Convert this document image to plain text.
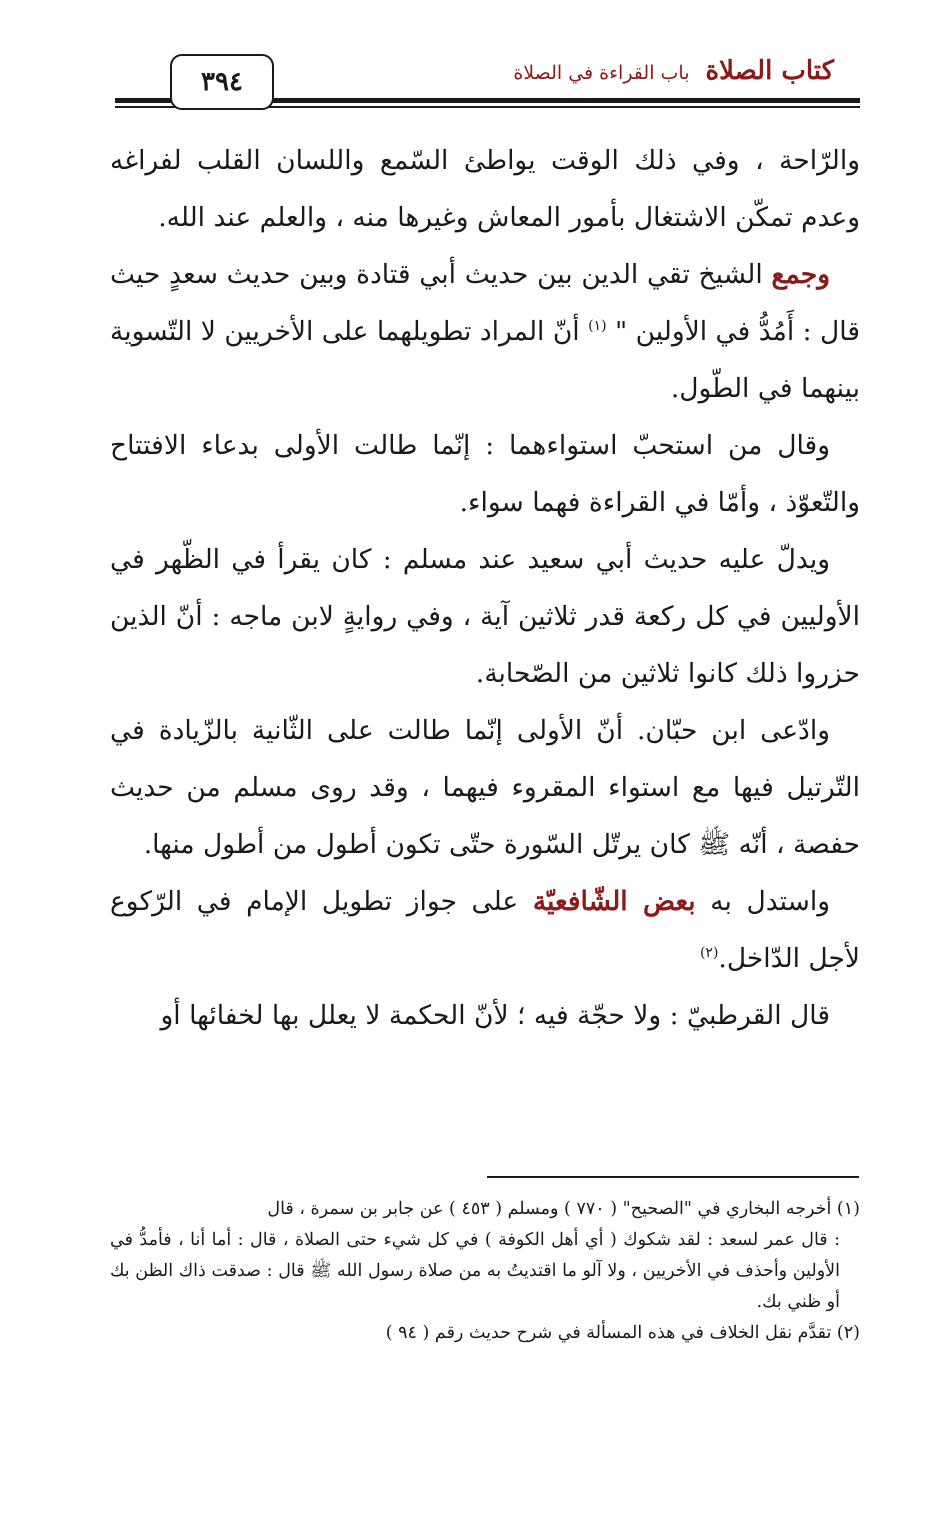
٣٩٤	كتاب الصلاة
باب القراءة في الصلاة

والرّاحة ، وفي ذلك الوقت يواطئ السّمع واللسان القلب لفراغه وعدم تمكّن الاشتغال بأمور المعاش وغيرها منه ، والعلم عند الله.

وجمع الشيخ تقي الدين بين حديث أبي قتادة وبين حديث سعدٍ حيث قال : أَمُدُّ في الأولين " $^{(١)}$ أنّ المراد تطويلهما على الأخريين لا التّسوية بينهما في الطّول.

وقال من استحبّ استواءهما : إنّما طالت الأولى بدعاء الافتتاح والتّعوّذ ، وأمّا في القراءة فهما سواء.

ويدلّ عليه حديث أبي سعيد عند مسلم : كان يقرأ في الظّهر في الأوليين في كل ركعة قدر ثلاثين آية ، وفي روايةٍ لابن ماجه : أنّ الذين حزروا ذلك كانوا ثلاثين من الصّحابة.

وادّعى ابن حبّان. أنّ الأولى إنّما طالت على الثّانية بالزّيادة في التّرتيل فيها مع استواء المقروء فيهما ، وقد روى مسلم من حديث حفصة ، أنّه ﷺ كان يرتّل السّورة حتّى تكون أطول من أطول منها.

واستدل به بعض الشّافعيّة على جواز تطويل الإمام في الرّكوع لأجل الدّاخل.$^{(٢)}$

قال القرطبيّ : ولا حجّة فيه ؛ لأنّ الحكمة لا يعلل بها لخفائها أو

(١) أخرجه البخاري في "الصحيح" ( ٧٧٠ ) ومسلم ( ٤٥٣ ) عن جابر بن سمرة ، قال

: قال عمر لسعد : لقد شكوك ( أي أهل الكوفة ) في كل شيء حتى الصلاة ، قال : أما أنا ، فأمدُّ في الأولين وأحذف في الأخريين ، ولا آلو ما اقتديتُ به من صلاة رسول الله ﷺ قال : صدقت ذاك الظن بك أو ظني بك.

(٢) تقدَّم نقل الخلاف في هذه المسألة في شرح حديث رقم ( ٩٤ )
